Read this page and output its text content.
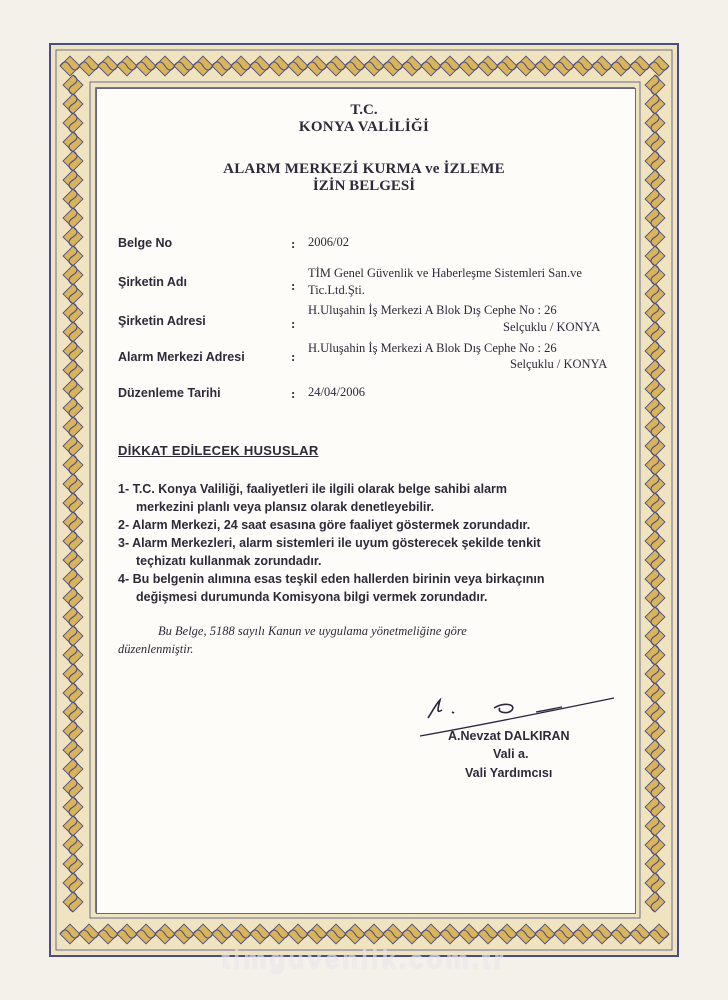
T.C.
KONYA VALİLİĞİ
ALARM MERKEZİ KURMA ve İZLEME
İZİN BELGESİ
Belge No	: 2006/02
Şirketin Adı	:
TİM Genel Güvenlik ve Haberleşme Sistemleri San.ve
Tic.Ltd.Şti.
Şirketin Adresi	:
H.Uluşahin İş Merkezi A Blok Dış Cephe No : 26
Selçuklu / KONYA
Alarm Merkezi Adresi	:
H.Uluşahin İş Merkezi A Blok Dış Cephe No : 26
Selçuklu / KONYA
Düzenleme Tarihi	: 24/04/2006
DİKKAT EDİLECEK HUSUSLAR
1- T.C. Konya Valiliği, faaliyetleri ile ilgili olarak belge sahibi alarm
merkezini planlı veya plansız olarak denetleyebilir.
2- Alarm Merkezi, 24 saat esasına göre faaliyet göstermek zorundadır.
3- Alarm Merkezleri, alarm sistemleri ile uyum gösterecek şekilde tenkit
teçhizatı kullanmak zorundadır.
4- Bu belgenin alımına esas teşkil eden hallerden birinin veya birkaçının
değişmesi durumunda Komisyona bilgi vermek zorundadır.
Bu Belge, 5188 sayılı Kanun ve uygulama yönetmeliğine göre
düzenlenmiştir.
A.Nevzat DALKIRAN
Vali a.
Vali Yardımcısı
timguvenlik.com.tr
